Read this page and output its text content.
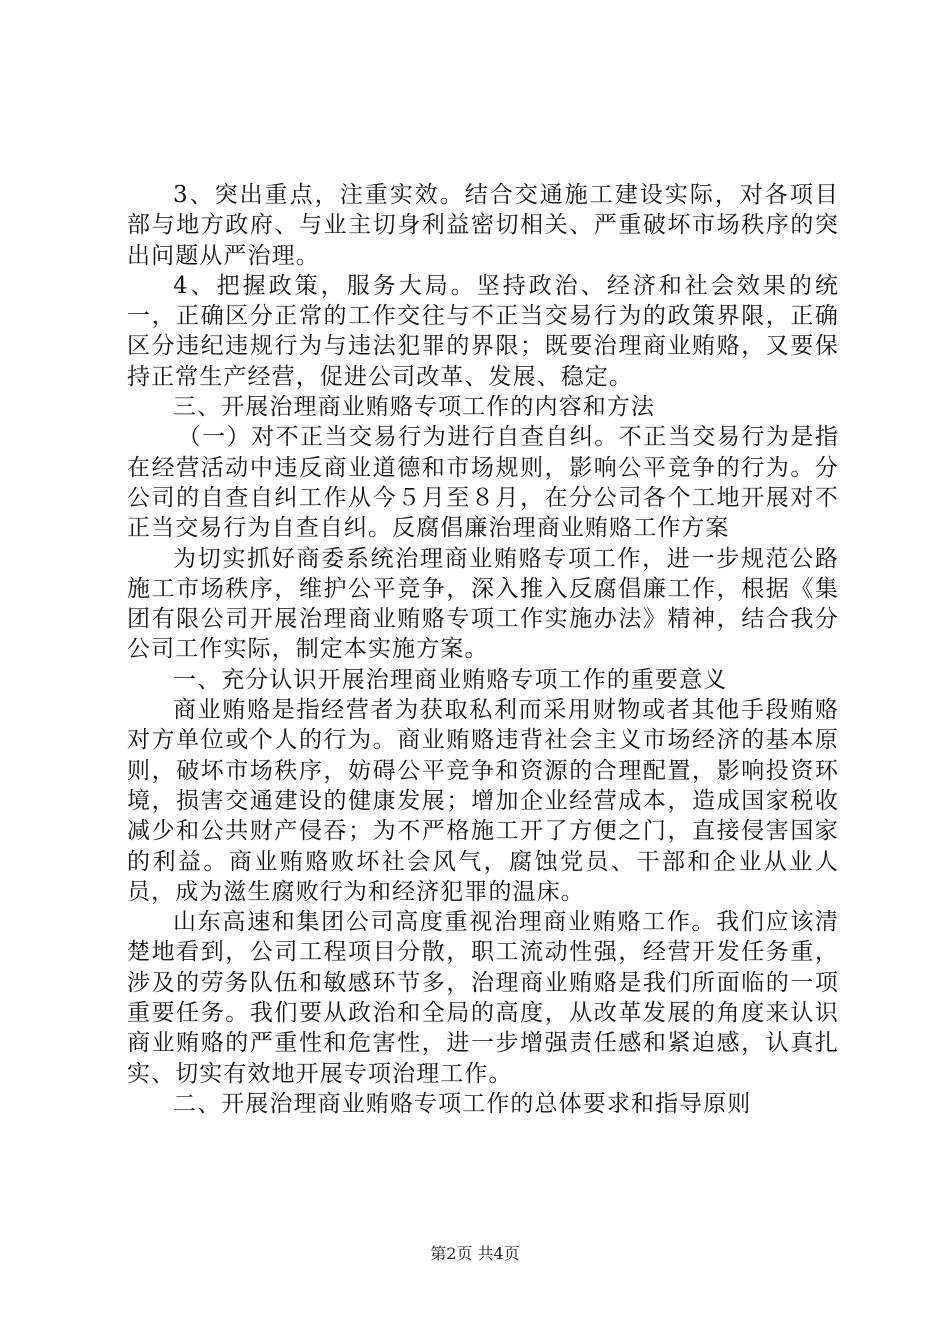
3、突出重点，注重实效。结合交通施工建设实际，对各项目部与地方政府、与业主切身利益密切相关、严重破坏市场秩序的突出问题从严治理。

4、把握政策，服务大局。坚持政治、经济和社会效果的统一，正确区分正常的工作交往与不正当交易行为的政策界限，正确区分违纪违规行为与违法犯罪的界限；既要治理商业贿赂，又要保持正常生产经营，促进公司改革、发展、稳定。

三、开展治理商业贿赂专项工作的内容和方法

（一）对不正当交易行为进行自查自纠。不正当交易行为是指在经营活动中违反商业道德和市场规则，影响公平竞争的行为。分公司的自查自纠工作从今５月至８月，在分公司各个工地开展对不正当交易行为自查自纠。反腐倡廉治理商业贿赂工作方案

为切实抓好商委系统治理商业贿赂专项工作，进一步规范公路施工市场秩序，维护公平竞争，深入推入反腐倡廉工作，根据《集团有限公司开展治理商业贿赂专项工作实施办法》精神，结合我分公司工作实际，制定本实施方案。

一、充分认识开展治理商业贿赂专项工作的重要意义

商业贿赂是指经营者为获取私利而采用财物或者其他手段贿赂对方单位或个人的行为。商业贿赂违背社会主义市场经济的基本原则，破坏市场秩序，妨碍公平竞争和资源的合理配置，影响投资环境，损害交通建设的健康发展；增加企业经营成本，造成国家税收减少和公共财产侵吞；为不严格施工开了方便之门，直接侵害国家的利益。商业贿赂败坏社会风气，腐蚀党员、干部和企业从业人员，成为滋生腐败行为和经济犯罪的温床。

山东高速和集团公司高度重视治理商业贿赂工作。我们应该清楚地看到，公司工程项目分散，职工流动性强，经营开发任务重，涉及的劳务队伍和敏感环节多，治理商业贿赂是我们所面临的一项重要任务。我们要从政治和全局的高度，从改革发展的角度来认识商业贿赂的严重性和危害性，进一步增强责任感和紧迫感，认真扎实、切实有效地开展专项治理工作。

二、开展治理商业贿赂专项工作的总体要求和指导原则

第2页 共4页
